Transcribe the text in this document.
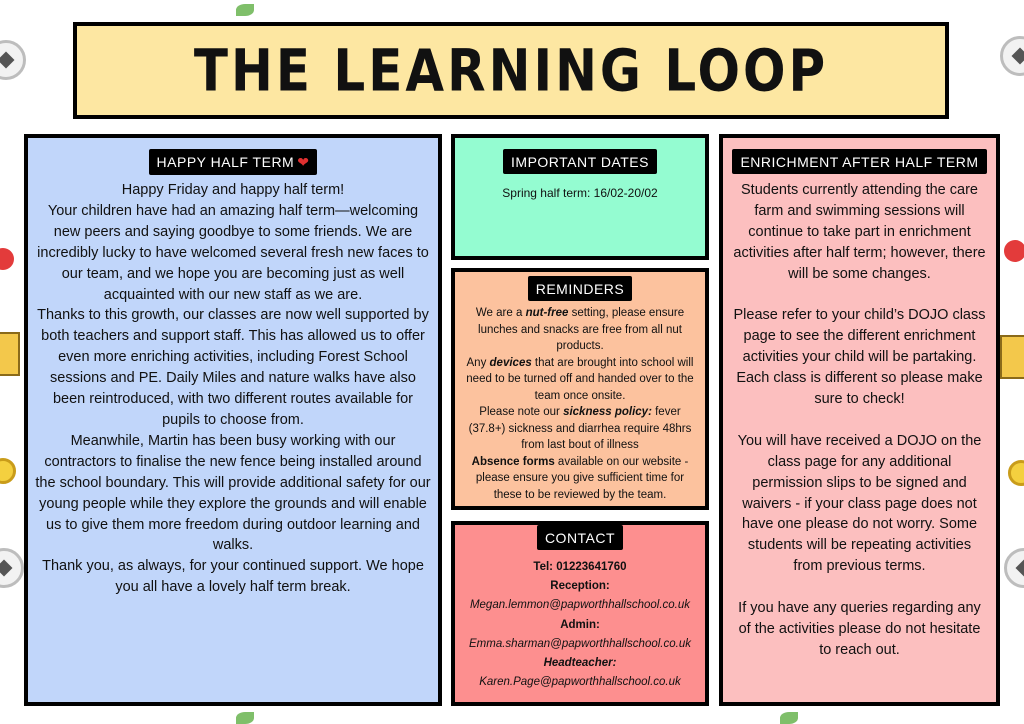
THE LEARNING LOOP
HAPPY HALF TERM ❤
Happy Friday and happy half term!
Your children have had an amazing half term—welcoming new peers and saying goodbye to some friends. We are incredibly lucky to have welcomed several fresh new faces to our team, and we hope you are becoming just as well acquainted with our new staff as we are.
Thanks to this growth, our classes are now well supported by both teachers and support staff. This has allowed us to offer even more enriching activities, including Forest School sessions and PE. Daily Miles and nature walks have also been reintroduced, with two different routes available for pupils to choose from.
Meanwhile, Martin has been busy working with our contractors to finalise the new fence being installed around the school boundary. This will provide additional safety for our young people while they explore the grounds and will enable us to give them more freedom during outdoor learning and walks.
Thank you, as always, for your continued support. We hope you all have a lovely half term break.
IMPORTANT DATES
Spring half term: 16/02-20/02
REMINDERS

We are a nut-free setting, please ensure lunches and snacks are free from all nut products.

Any devices that are brought into school will need to be turned off and handed over to the team once onsite.

Please note our sickness policy: fever (37.8+) sickness and diarrhea require 48hrs from last bout of illness

Absence forms available on our website - please ensure you give sufficient time for these to be reviewed by the team.

CONTACT
Tel: 01223641760
Reception:
Megan.lemmon@papworthhallschool.co.uk
Admin:
Emma.sharman@papworthhallschool.co.uk
Headteacher:
Karen.Page@papworthhallschool.co.uk
ENRICHMENT AFTER HALF TERM

Students currently attending the care farm and swimming sessions will continue to take part in enrichment activities after half term; however, there will be some changes.

Please refer to your child’s DOJO class page to see the different enrichment activities your child will be partaking. Each class is different so please make sure to check!

You will have received a DOJO on the class page for any additional permission slips to be signed and waivers - if your class page does not have one please do not worry. Some students will be repeating activities from previous terms.

If you have any queries regarding any of the activities please do not hesitate to reach out.
